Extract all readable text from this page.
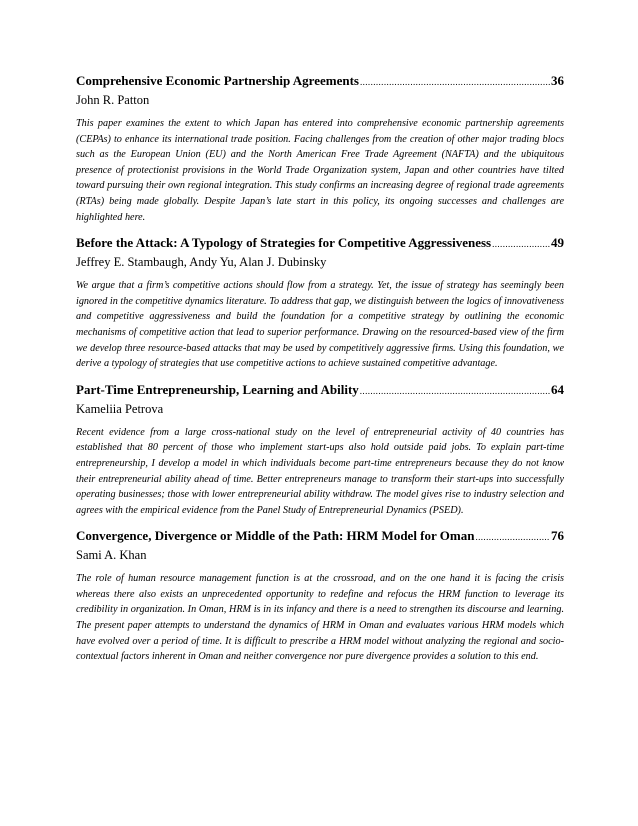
Comprehensive Economic Partnership Agreements .....	36
John R. Patton
This paper examines the extent to which Japan has entered into comprehensive economic partnership agreements (CEPAs) to enhance its international trade position. Facing challenges from the creation of other major trading blocs such as the European Union (EU) and the North American Free Trade Agreement (NAFTA) and the ubiquitous presence of protectionist provisions in the World Trade Organization system, Japan and other countries have tilted toward pursuing their own regional integration. This study confirms an increasing degree of regional trade agreements (RTAs) being made globally. Despite Japan’s late start in this policy, its ongoing successes and challenges are highlighted here.
Before the Attack: A Typology of Strategies for Competitive Aggressiveness .....	49
Jeffrey E. Stambaugh, Andy Yu, Alan J. Dubinsky
We argue that a firm’s competitive actions should flow from a strategy. Yet, the issue of strategy has seemingly been ignored in the competitive dynamics literature. To address that gap, we distinguish between the logics of innovativeness and competitive aggressiveness and build the foundation for a competitive strategy by outlining the economic mechanisms of competitive action that lead to superior performance. Drawing on the resourced-based view of the firm we develop three resource-based attacks that may be used by competitively aggressive firms. Using this foundation, we derive a typology of strategies that use competitive actions to achieve sustained competitive advantage.
Part-Time Entrepreneurship, Learning and Ability .....	64
Kameliia Petrova
Recent evidence from a large cross-national study on the level of entrepreneurial activity of 40 countries has established that 80 percent of those who implement start-ups also hold outside paid jobs. To explain part-time entrepreneurship, I develop a model in which individuals become part-time entrepreneurs because they do not know their entrepreneurial ability ahead of time. Better entrepreneurs manage to transform their start-ups into successfully operating businesses; those with lower entrepreneurial ability withdraw. The model gives rise to industry selection and agrees with the empirical evidence from the Panel Study of Entrepreneurial Dynamics (PSED).
Convergence, Divergence or Middle of the Path: HRM Model for Oman .....	76
Sami A. Khan
The role of human resource management function is at the crossroad, and on the one hand it is facing the crisis whereas there also exists an unprecedented opportunity to redefine and refocus the HRM function to leverage its credibility in organization. In Oman, HRM is in its infancy and there is a need to strengthen its discourse and learning. The present paper attempts to understand the dynamics of HRM in Oman and evaluates various HRM models which have evolved over a period of time. It is difficult to prescribe a HRM model without analyzing the regional and socio-contextual factors inherent in Oman and neither convergence nor pure divergence provides a solution to this end.
